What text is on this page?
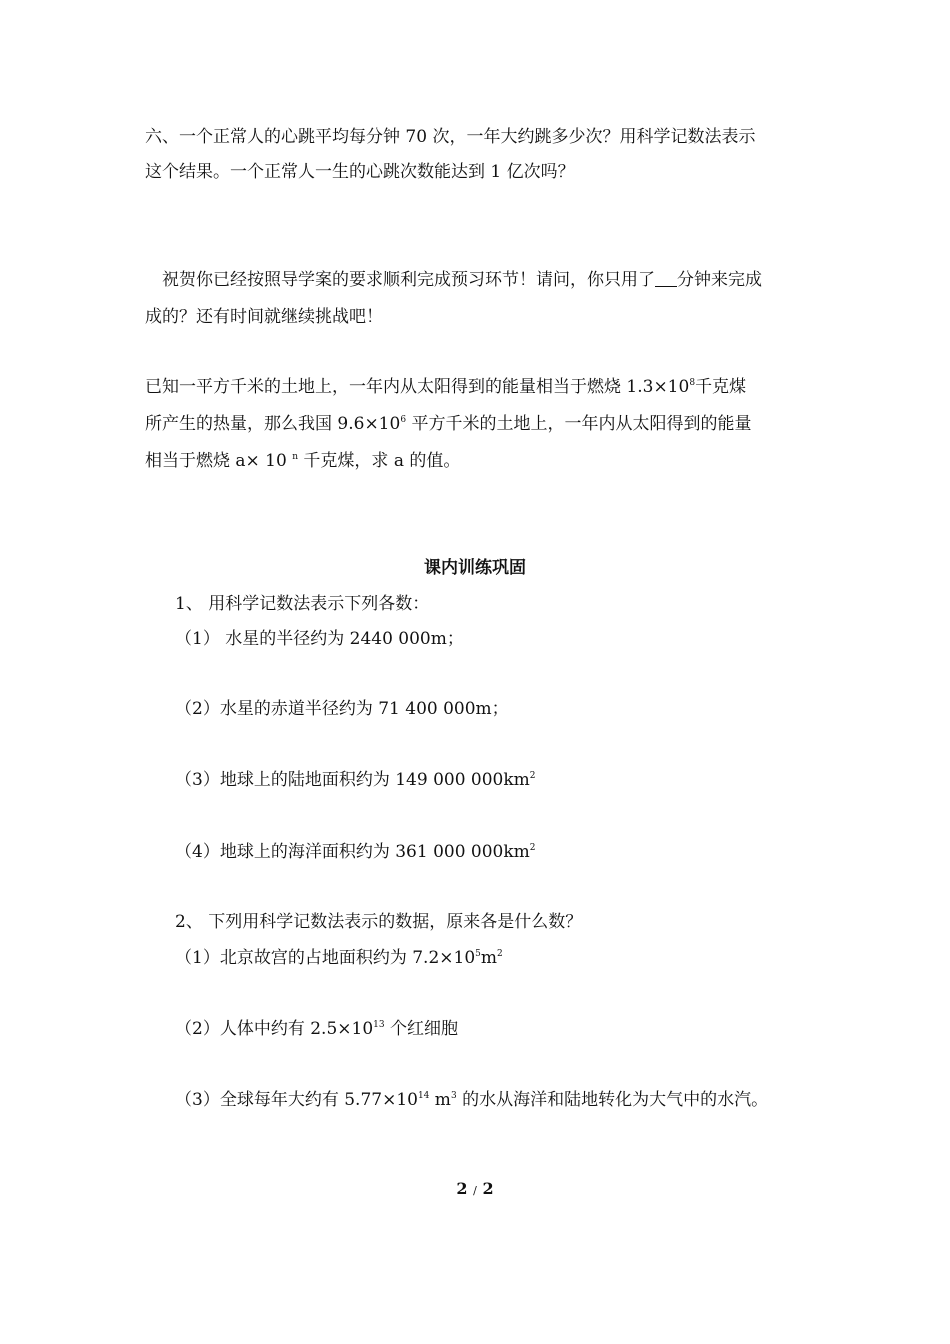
六、一个正常人的心跳平均每分钟 70 次，一年大约跳多少次？用科学记数法表示

这个结果。一个正常人一生的心跳次数能达到 1 亿次吗？

祝贺你已经按照导学案的要求顺利完成预习环节！请问，你只用了 分钟来完成

成的？还有时间就继续挑战吧！

已知一平方千米的土地上，一年内从太阳得到的能量相当于燃烧 $1.3\times 10^8$千克煤

所产生的热量，那么我国 $9.6\times 10^6$ 平方千米的土地上，一年内从太阳得到的能量

相当于燃烧 a× 10 $^n$ 千克煤，求 a 的值。

课内训练巩固

1、 用科学记数法表示下列各数：

（1） 水星的半径约为 2440 000m；

（2）水星的赤道半径约为 71 400 000m；

（3）地球上的陆地面积约为 149 000 $000km^2$

（4）地球上的海洋面积约为 361 000 $000km^2$

2、 下列用科学记数法表示的数据，原来各是什么数？

（1）北京故宫的占地面积约为 $7.2\times 10^5m^2$

（2）人体中约有 $2.5\times 10^{13}$ 个红细胞

（3）全球每年大约有 $5.77\times 10^{14}$ $m^3$ 的水从海洋和陆地转化为大气中的水汽。

2 / 2
